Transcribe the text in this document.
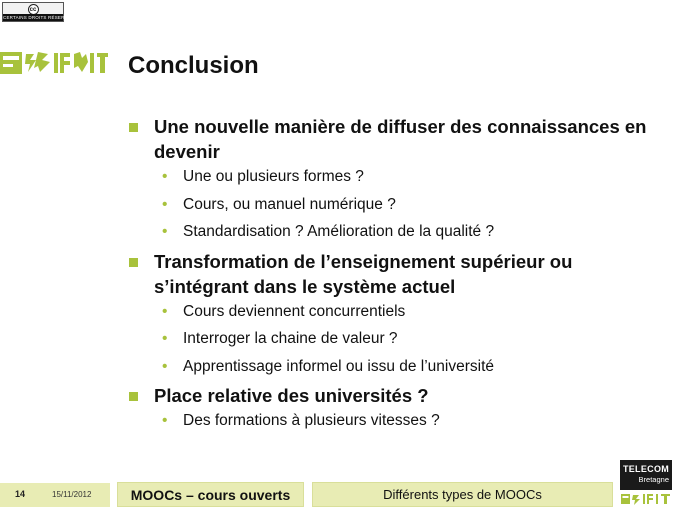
cc
CERTAINS DROITS RÉSERVÉS
Conclusion
Une nouvelle manière de diffuser des connaissances en devenir
• Une ou plusieurs formes ?
• Cours, ou manuel numérique ?
• Standardisation ? Amélioration de la qualité ?
Transformation de l’enseignement supérieur ou s’intégrant dans le système actuel
• Cours deviennent concurrentiels
• Interroger la chaine de valeur ?
• Apprentissage informel ou issu de l’université
Place relative des universités ?
• Des formations à plusieurs vitesses ?
14	15/11/2012	MOOCs – cours ouverts	Différents types de MOOCs
TELECOM
Bretagne
